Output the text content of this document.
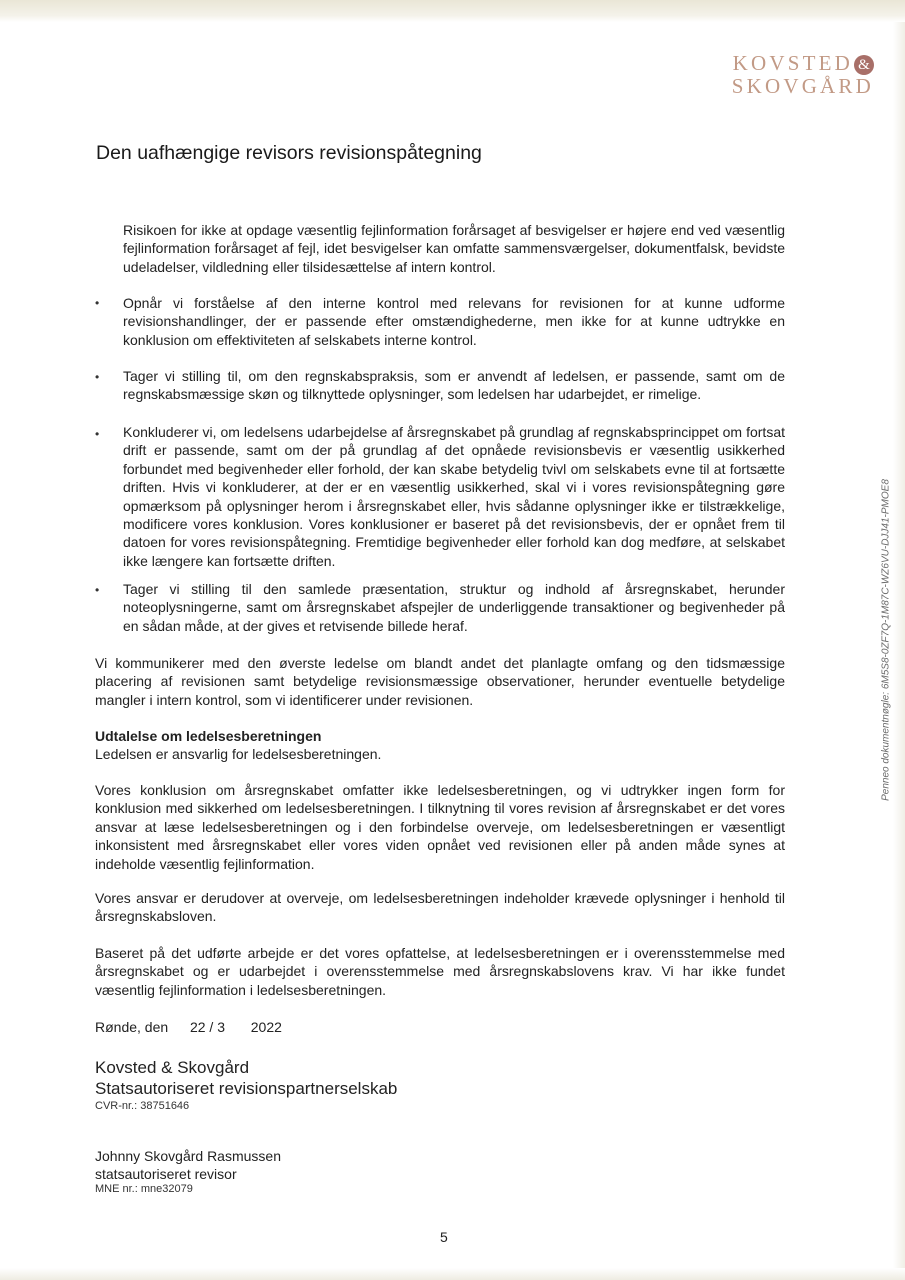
KOVSTED &
SKOVGÅRD
Den uafhængige revisors revisionspåtegning

Risikoen for ikke at opdage væsentlig fejlinformation forårsaget af besvigelser er højere end ved væsentlig fejlinformation forårsaget af fejl, idet besvigelser kan omfatte sammensværgelser, dokumentfalsk, bevidste udeladelser, vildledning eller tilsidesættelse af intern kontrol.

• Opnår vi forståelse af den interne kontrol med relevans for revisionen for at kunne udforme revisionshandlinger, der er passende efter omstændighederne, men ikke for at kunne udtrykke en konklusion om effektiviteten af selskabets interne kontrol.

• Tager vi stilling til, om den regnskabspraksis, som er anvendt af ledelsen, er passende, samt om de regnskabsmæssige skøn og tilknyttede oplysninger, som ledelsen har udarbejdet, er rimelige.

• Konkluderer vi, om ledelsens udarbejdelse af årsregnskabet på grundlag af regnskabsprincippet om fortsat drift er passende, samt om der på grundlag af det opnåede revisionsbevis er væsentlig usikkerhed forbundet med begivenheder eller forhold, der kan skabe betydelig tvivl om selskabets evne til at fortsætte driften. Hvis vi konkluderer, at der er en væsentlig usikkerhed, skal vi i vores revisionspåtegning gøre opmærksom på oplysninger herom i årsregnskabet eller, hvis sådanne oplysninger ikke er tilstrækkelige, modificere vores konklusion. Vores konklusioner er baseret på det revisionsbevis, der er opnået frem til datoen for vores revisionspåtegning. Fremtidige begivenheder eller forhold kan dog medføre, at selskabet ikke længere kan fortsætte driften.

• Tager vi stilling til den samlede præsentation, struktur og indhold af årsregnskabet, herunder noteoplysningerne, samt om årsregnskabet afspejler de underliggende transaktioner og begivenheder på en sådan måde, at der gives et retvisende billede heraf.

Vi kommunikerer med den øverste ledelse om blandt andet det planlagte omfang og den tidsmæssige placering af revisionen samt betydelige revisionsmæssige observationer, herunder eventuelle betydelige mangler i intern kontrol, som vi identificerer under revisionen.

Udtalelse om ledelsesberetningen
Ledelsen er ansvarlig for ledelsesberetningen.

Vores konklusion om årsregnskabet omfatter ikke ledelsesberetningen, og vi udtrykker ingen form for konklusion med sikkerhed om ledelsesberetningen. I tilknytning til vores revision af årsregnskabet er det vores ansvar at læse ledelsesberetningen og i den forbindelse overveje, om ledelsesberetningen er væsentligt inkonsistent med årsregnskabet eller vores viden opnået ved revisionen eller på anden måde synes at indeholde væsentlig fejlinformation.

Vores ansvar er derudover at overveje, om ledelsesberetningen indeholder krævede oplysninger i henhold til årsregnskabsloven.

Baseret på det udførte arbejde er det vores opfattelse, at ledelsesberetningen er i overensstemmelse med årsregnskabet og er udarbejdet i overensstemmelse med årsregnskabslovens krav. Vi har ikke fundet væsentlig fejlinformation i ledelsesberetningen.

Rønde, den 22 / 3 2022
Kovsted & Skovgård
Statsautoriseret revisionspartnerselskab
CVR-nr.: 38751646
Johnny Skovgård Rasmussen
statsautoriseret revisor
MNE nr.: mne32079
Penneo dokumentnøgle: 6M5S8-0ZF7Q-1M87C-WZ6VU-DJJ41-PMOE8
5
